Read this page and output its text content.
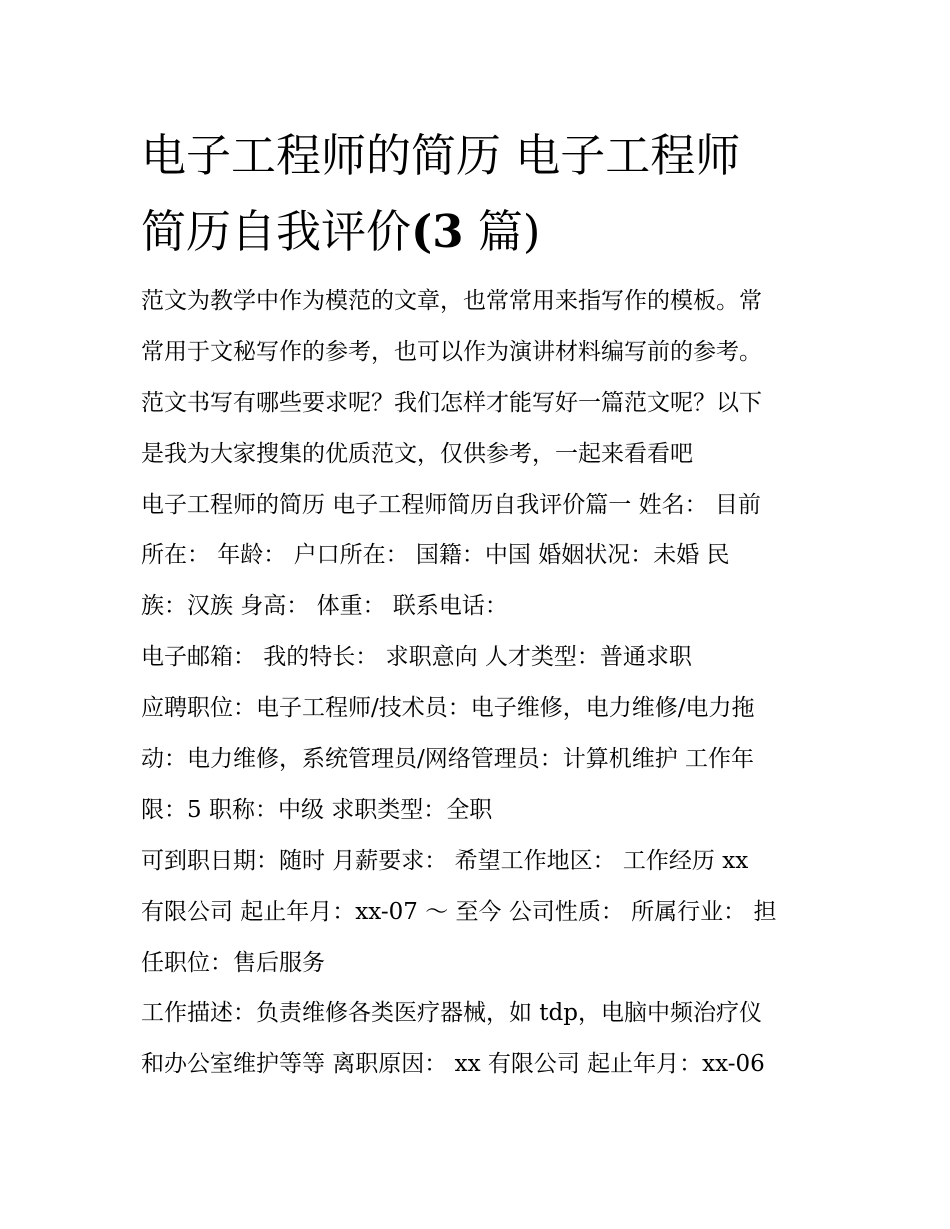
电子工程师的简历 电子工程师
简历自我评价(3 篇)
范文为教学中作为模范的文章，也常常用来指写作的模板。常
常用于文秘写作的参考，也可以作为演讲材料编写前的参考。
范文书写有哪些要求呢？我们怎样才能写好一篇范文呢？以下
是我为大家搜集的优质范文，仅供参考，一起来看看吧
电子工程师的简历 电子工程师简历自我评价篇一 姓名： 目前
所在： 年龄： 户口所在： 国籍：中国 婚姻状况：未婚 民
族：汉族 身高： 体重： 联系电话：
电子邮箱： 我的特长： 求职意向 人才类型：普通求职
应聘职位：电子工程师/技术员：电子维修，电力维修/电力拖
动：电力维修，系统管理员/网络管理员：计算机维护 工作年
限：5 职称：中级 求职类型：全职
可到职日期：随时 月薪要求： 希望工作地区： 工作经历 xx
有限公司 起止年月：xx-07 ～ 至今 公司性质： 所属行业： 担
任职位：售后服务
工作描述：负责维修各类医疗器械，如 tdp，电脑中频治疗仪
和办公室维护等等 离职原因： xx 有限公司 起止年月：xx-06
